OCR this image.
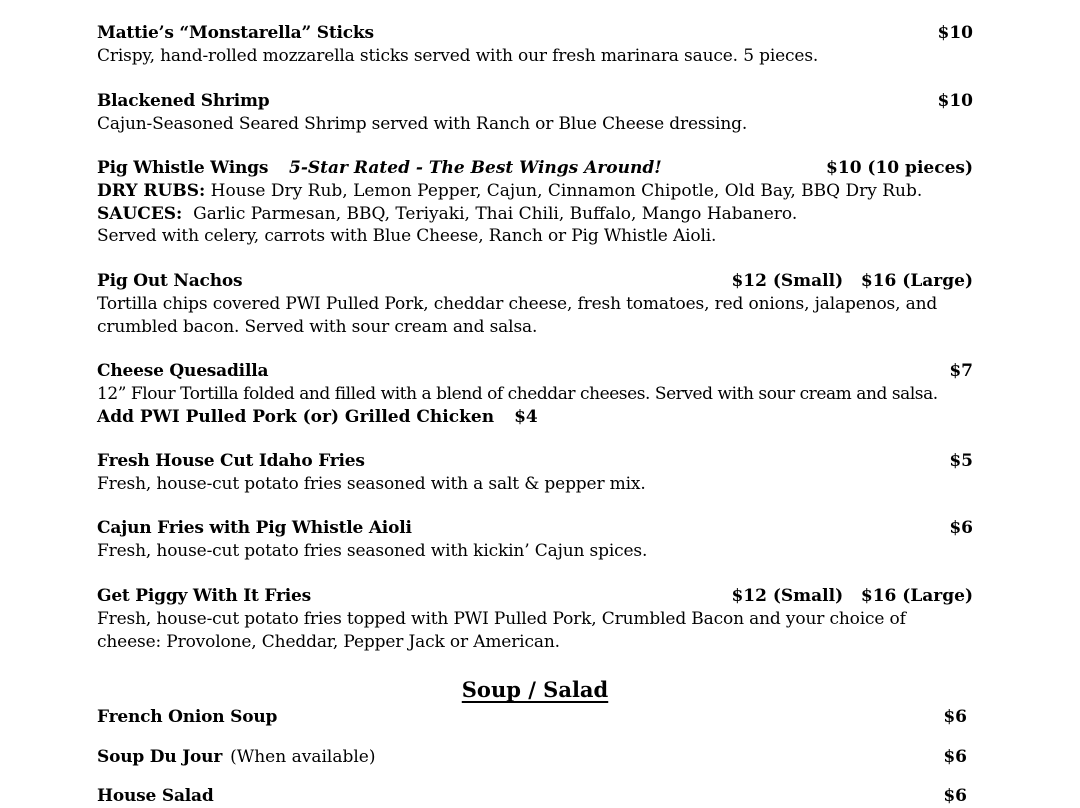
Mattie’s “Monstarella” Sticks	$10
Crispy, hand-rolled mozzarella sticks served with our fresh marinara sauce. 5 pieces.
Blackened Shrimp	$10
Cajun-Seasoned Seared Shrimp served with Ranch or Blue Cheese dressing.
Pig Whistle Wings 5-Star Rated - The Best Wings Around!	$10 (10 pieces)
DRY RUBS: House Dry Rub, Lemon Pepper, Cajun, Cinnamon Chipotle, Old Bay, BBQ Dry Rub.
SAUCES:  Garlic Parmesan, BBQ, Teriyaki, Thai Chili, Buffalo, Mango Habanero.
Served with celery, carrots with Blue Cheese, Ranch or Pig Whistle Aioli.
Pig Out Nachos	$12 (Small)   $16 (Large)
Tortilla chips covered PWI Pulled Pork, cheddar cheese, fresh tomatoes, red onions, jalapenos, and crumbled bacon. Served with sour cream and salsa.
Cheese Quesadilla	$7
12” Flour Tortilla folded and filled with a blend of cheddar cheeses. Served with sour cream and salsa.
Add PWI Pulled Pork (or) Grilled Chicken $4
Fresh House Cut Idaho Fries	$5
Fresh, house-cut potato fries seasoned with a salt & pepper mix.
Cajun Fries with Pig Whistle Aioli	$6
Fresh, house-cut potato fries seasoned with kickin’ Cajun spices.
Get Piggy With It Fries	$12 (Small)   $16 (Large)
Fresh, house-cut potato fries topped with PWI Pulled Pork, Crumbled Bacon and your choice of cheese: Provolone, Cheddar, Pepper Jack or American.
Soup / Salad
French Onion Soup	$6
Soup Du Jour (When available)	$6
House Salad	$6
